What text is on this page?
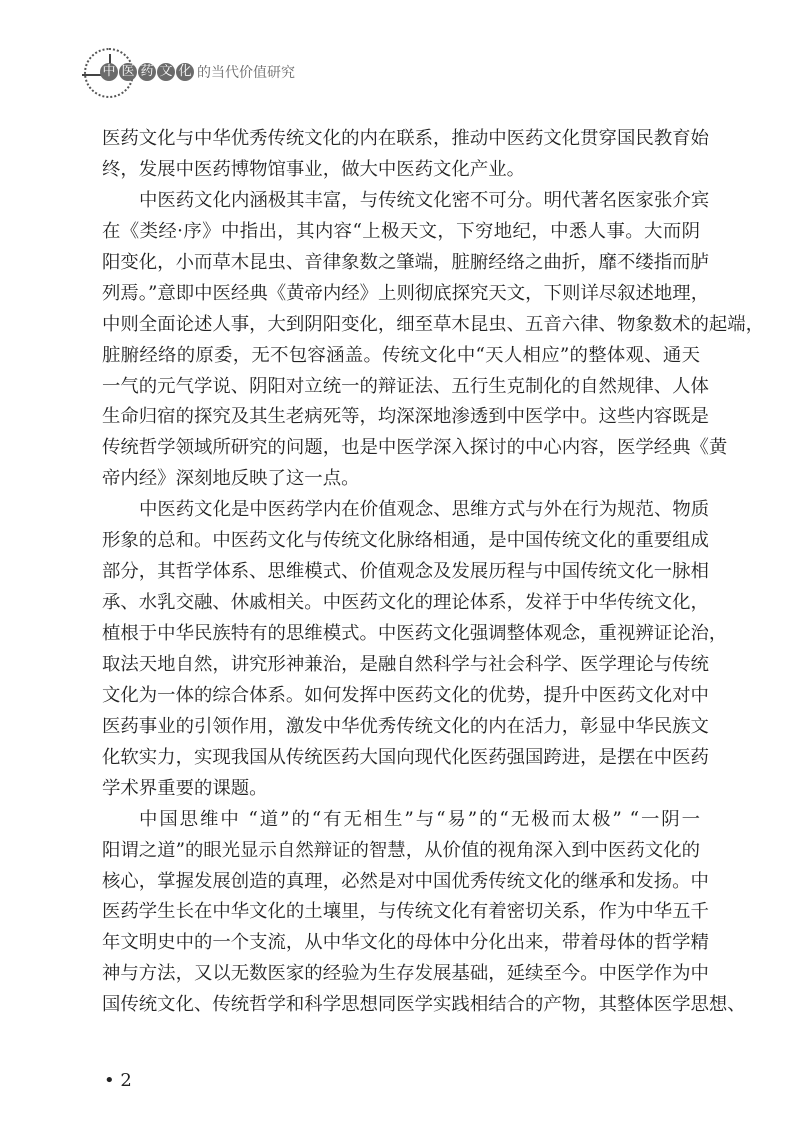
中 医 药 文 化 的当代价值研究
医药文化与中华优秀传统文化的内在联系，推动中医药文化贯穿国民教育始
终，发展中医药博物馆事业，做大中医药文化产业。
中医药文化内涵极其丰富，与传统文化密不可分。明代著名医家张介宾
在《类经·序》中指出，其内容“上极天文，下穷地纪，中悉人事。大而阴
阳变化，小而草木昆虫、音律象数之肇端，脏腑经络之曲折，靡不缕指而胪
列焉。”意即中医经典《黄帝内经》上则彻底探究天文，下则详尽叙述地理，
中则全面论述人事，大到阴阳变化，细至草木昆虫、五音六律、物象数术的起端，
脏腑经络的原委，无不包容涵盖。传统文化中“天人相应”的整体观、通天
一气的元气学说、阴阳对立统一的辩证法、五行生克制化的自然规律、人体
生命归宿的探究及其生老病死等，均深深地渗透到中医学中。这些内容既是
传统哲学领域所研究的问题，也是中医学深入探讨的中心内容，医学经典《黄
帝内经》深刻地反映了这一点。
中医药文化是中医药学内在价值观念、思维方式与外在行为规范、物质
形象的总和。中医药文化与传统文化脉络相通，是中国传统文化的重要组成
部分，其哲学体系、思维模式、价值观念及发展历程与中国传统文化一脉相
承、水乳交融、休戚相关。中医药文化的理论体系，发祥于中华传统文化，
植根于中华民族特有的思维模式。中医药文化强调整体观念，重视辨证论治，
取法天地自然，讲究形神兼治，是融自然科学与社会科学、医学理论与传统
文化为一体的综合体系。如何发挥中医药文化的优势，提升中医药文化对中
医药事业的引领作用，激发中华优秀传统文化的内在活力，彰显中华民族文
化软实力，实现我国从传统医药大国向现代化医药强国跨进，是摆在中医药
学术界重要的课题。
中国思维中 “道”的“有无相生”与“易”的“无极而太极” “一阴一
阳谓之道”的眼光显示自然辩证的智慧，从价值的视角深入到中医药文化的
核心，掌握发展创造的真理，必然是对中国优秀传统文化的继承和发扬。中
医药学生长在中华文化的土壤里，与传统文化有着密切关系，作为中华五千
年文明史中的一个支流，从中华文化的母体中分化出来，带着母体的哲学精
神与方法，又以无数医家的经验为生存发展基础，延续至今。中医学作为中
国传统文化、传统哲学和科学思想同医学实践相结合的产物，其整体医学思想、
• 2
